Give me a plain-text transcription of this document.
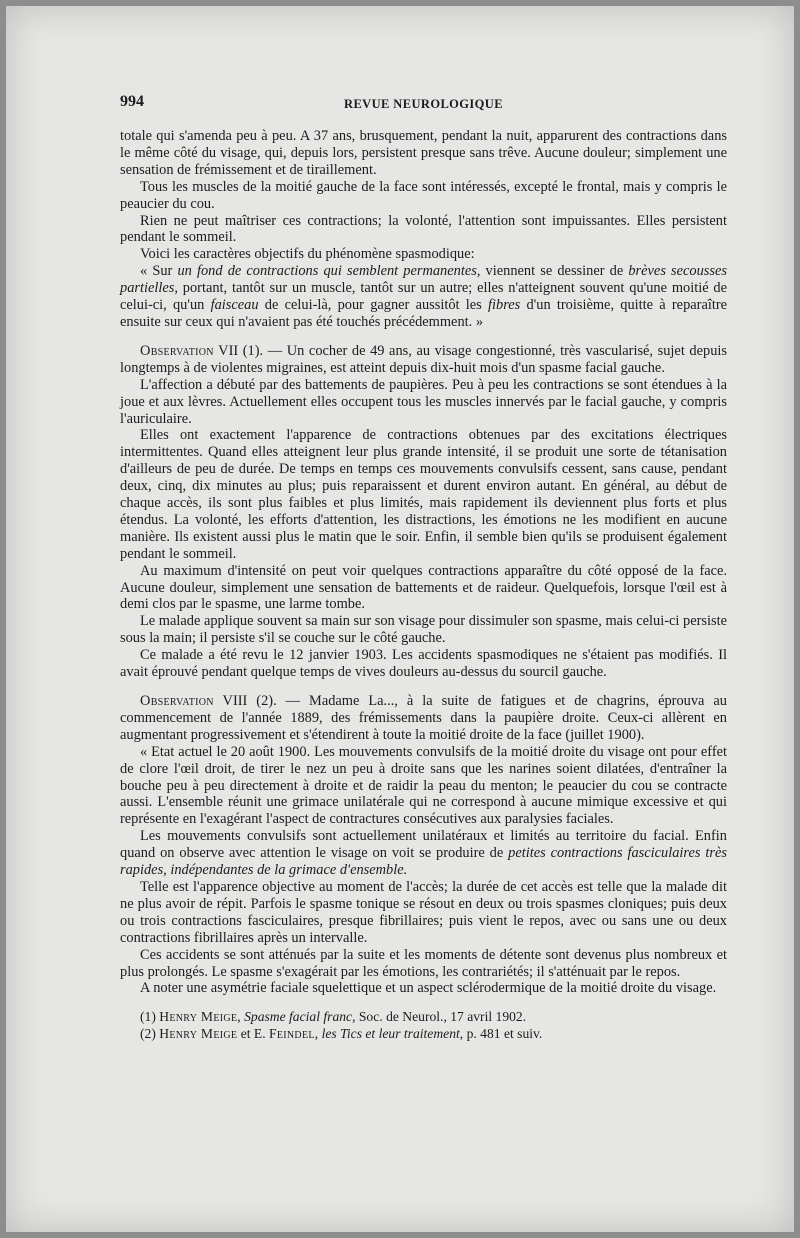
994	REVUE NEUROLOGIQUE

totale qui s'amenda peu à peu. A 37 ans, brusquement, pendant la nuit, apparurent des contractions dans le même côté du visage, qui, depuis lors, persistent presque sans trêve. Aucune douleur; simplement une sensation de frémissement et de tiraillement.

Tous les muscles de la moitié gauche de la face sont intéressés, excepté le frontal, mais y compris le peaucier du cou.

Rien ne peut maîtriser ces contractions; la volonté, l'attention sont impuissantes. Elles persistent pendant le sommeil.

Voici les caractères objectifs du phénomène spasmodique:

« Sur un fond de contractions qui semblent permanentes, viennent se dessiner de brèves secousses partielles, portant, tantôt sur un muscle, tantôt sur un autre; elles n'atteignent souvent qu'une moitié de celui-ci, qu'un faisceau de celui-là, pour gagner aussitôt les fibres d'un troisième, quitte à reparaître ensuite sur ceux qui n'avaient pas été touchés précédemment. »

Observation VII (1). — Un cocher de 49 ans, au visage congestionné, très vascularisé, sujet depuis longtemps à de violentes migraines, est atteint depuis dix-huit mois d'un spasme facial gauche.

L'affection a débuté par des battements de paupières. Peu à peu les contractions se sont étendues à la joue et aux lèvres. Actuellement elles occupent tous les muscles innervés par le facial gauche, y compris l'auriculaire.

Elles ont exactement l'apparence de contractions obtenues par des excitations électriques intermittentes. Quand elles atteignent leur plus grande intensité, il se produit une sorte de tétanisation d'ailleurs de peu de durée. De temps en temps ces mouvements convulsifs cessent, sans cause, pendant deux, cinq, dix minutes au plus; puis reparaissent et durent environ autant. En général, au début de chaque accès, ils sont plus faibles et plus limités, mais rapidement ils deviennent plus forts et plus étendus. La volonté, les efforts d'attention, les distractions, les émotions ne les modifient en aucune manière. Ils existent aussi plus le matin que le soir. Enfin, il semble bien qu'ils se produisent également pendant le sommeil.

Au maximum d'intensité on peut voir quelques contractions apparaître du côté opposé de la face. Aucune douleur, simplement une sensation de battements et de raideur. Quelquefois, lorsque l'œil est à demi clos par le spasme, une larme tombe.

Le malade applique souvent sa main sur son visage pour dissimuler son spasme, mais celui-ci persiste sous la main; il persiste s'il se couche sur le côté gauche.

Ce malade a été revu le 12 janvier 1903. Les accidents spasmodiques ne s'étaient pas modifiés. Il avait éprouvé pendant quelque temps de vives douleurs au-dessus du sourcil gauche.

Observation VIII (2). — Madame La..., à la suite de fatigues et de chagrins, éprouva au commencement de l'année 1889, des frémissements dans la paupière droite. Ceux-ci allèrent en augmentant progressivement et s'étendirent à toute la moitié droite de la face (juillet 1900).

« Etat actuel le 20 août 1900. Les mouvements convulsifs de la moitié droite du visage ont pour effet de clore l'œil droit, de tirer le nez un peu à droite sans que les narines soient dilatées, d'entraîner la bouche peu à peu directement à droite et de raidir la peau du menton; le peaucier du cou se contracte aussi. L'ensemble réunit une grimace unilatérale qui ne correspond à aucune mimique excessive et qui représente en l'exagérant l'aspect de contractures consécutives aux paralysies faciales.

Les mouvements convulsifs sont actuellement unilatéraux et limités au territoire du facial. Enfin quand on observe avec attention le visage on voit se produire de petites contractions fasciculaires très rapides, indépendantes de la grimace d'ensemble.

Telle est l'apparence objective au moment de l'accès; la durée de cet accès est telle que la malade dit ne plus avoir de répit. Parfois le spasme tonique se résout en deux ou trois spasmes cloniques; puis deux ou trois contractions fasciculaires, presque fibrillaires; puis vient le repos, avec ou sans une ou deux contractions fibrillaires après un intervalle.

Ces accidents se sont atténués par la suite et les moments de détente sont devenus plus nombreux et plus prolongés. Le spasme s'exagérait par les émotions, les contrariétés; il s'atténuait par le repos.

A noter une asymétrie faciale squelettique et un aspect sclérodermique de la moitié droite du visage.

(1) Henry Meige, Spasme facial franc, Soc. de Neurol., 17 avril 1902.
(2) Henry Meige et E. Feindel, les Tics et leur traitement, p. 481 et suiv.
